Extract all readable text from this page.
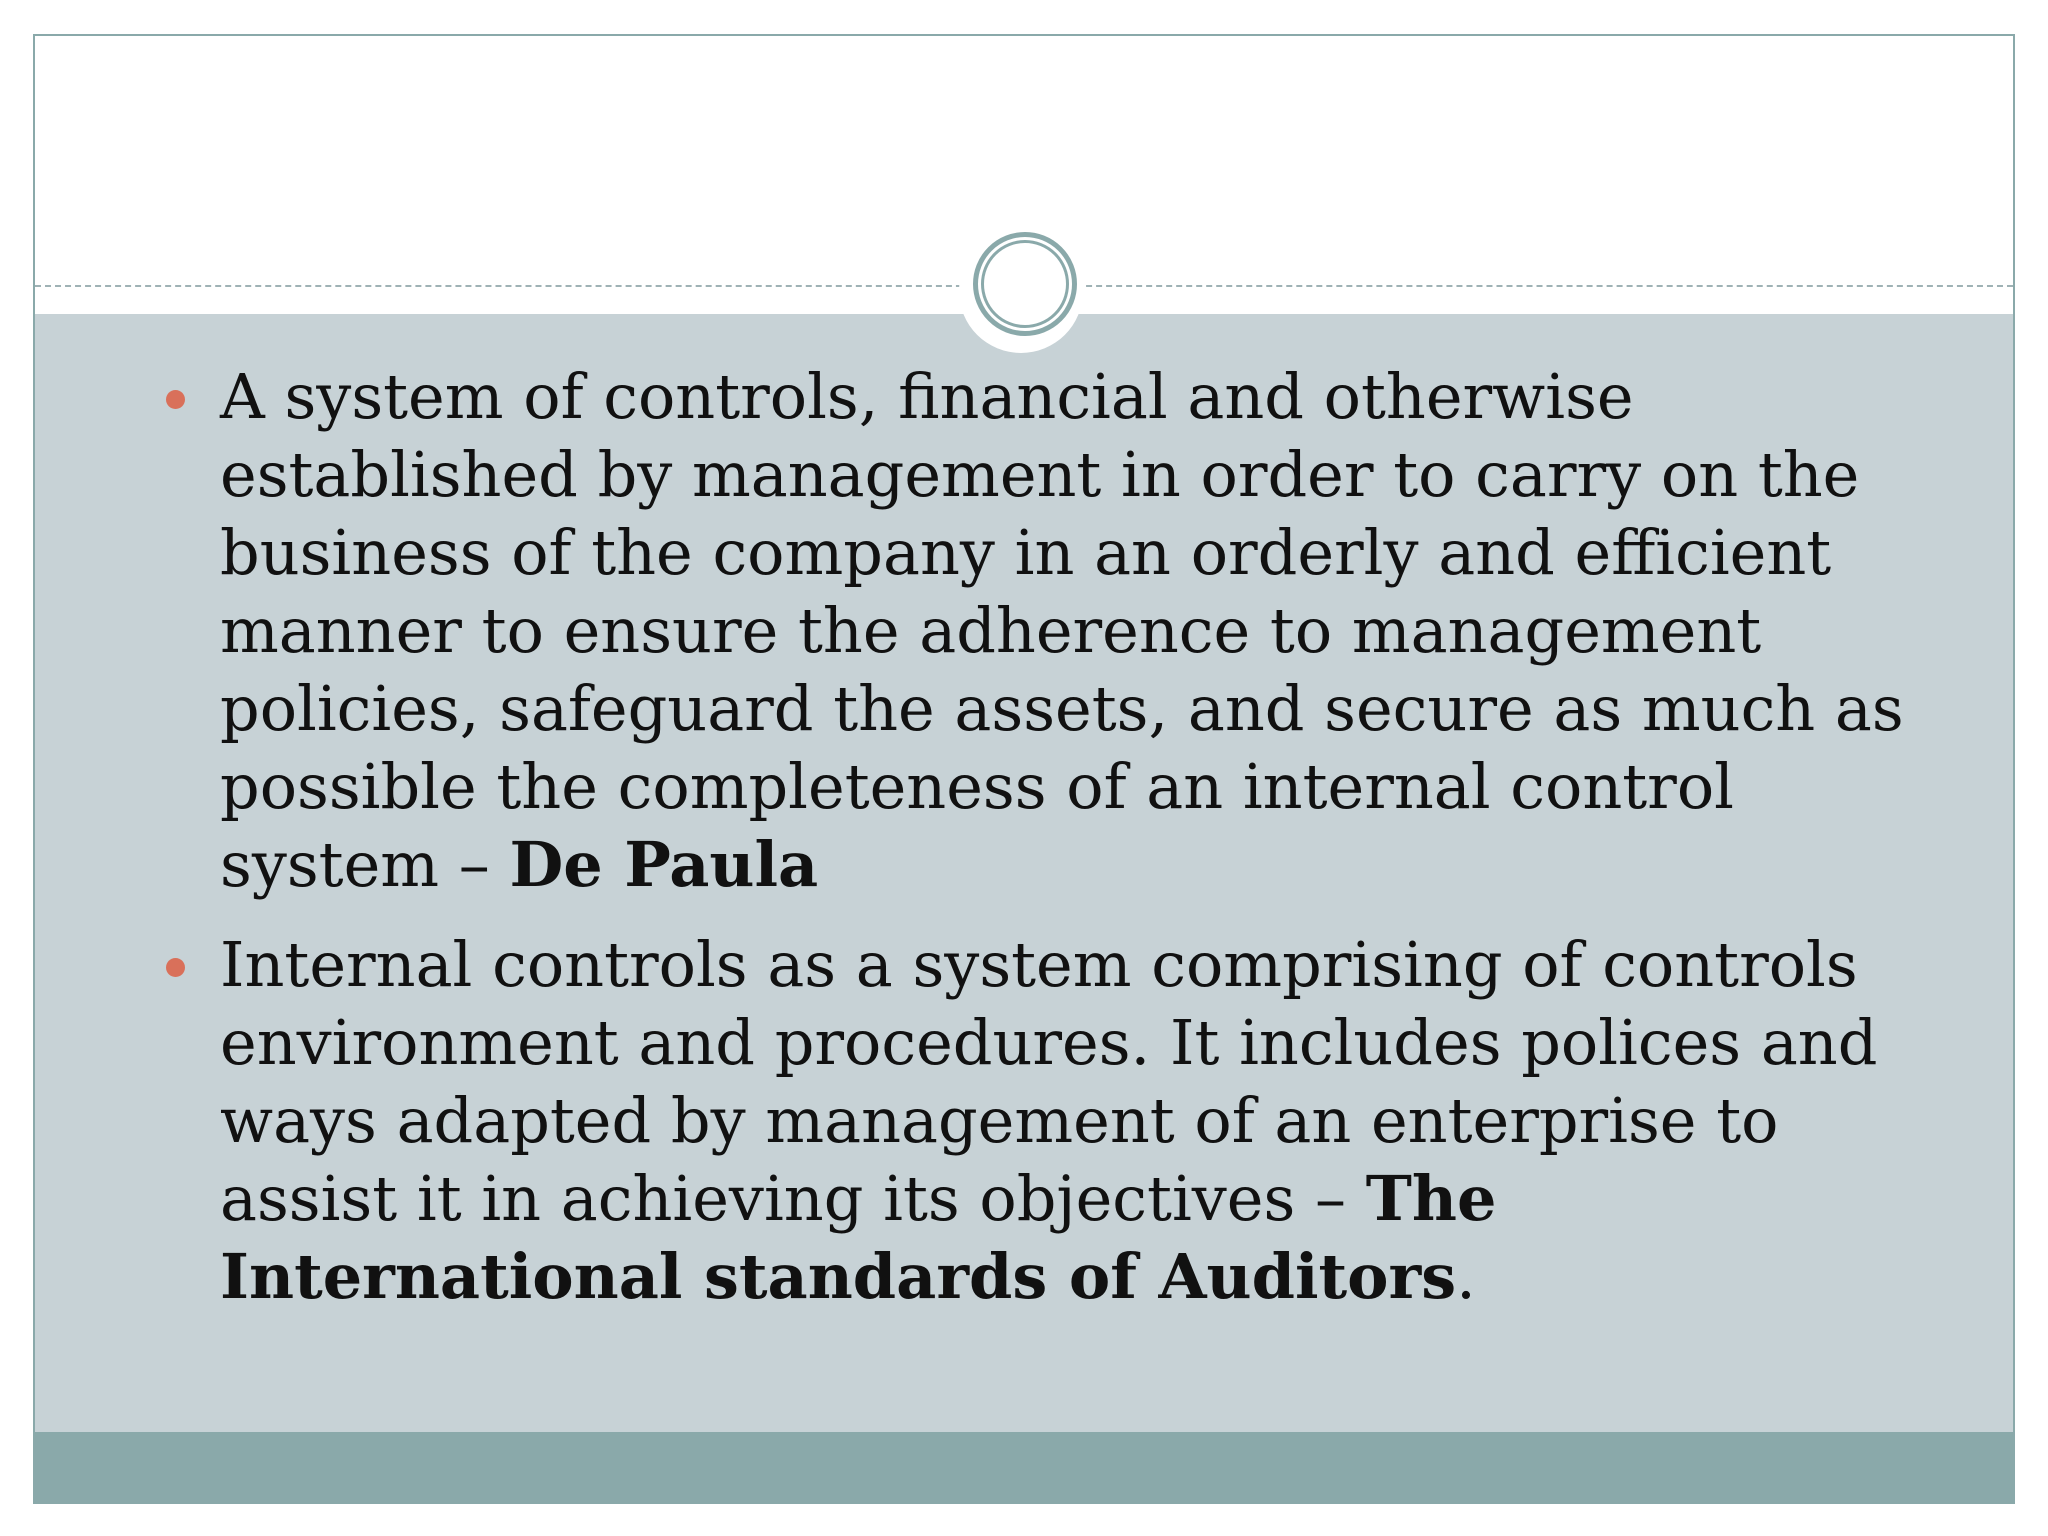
A system of controls, financial and otherwise established by management in order to carry on the business of the company in an orderly and efficient manner to ensure the adherence to management policies, safeguard the assets, and secure as much as possible the completeness of an internal control system – De Paula
Internal controls as a system comprising of controls environment and procedures. It includes polices and ways adapted by management of an enterprise to assist it in achieving its objectives – The International standards of Auditors.
